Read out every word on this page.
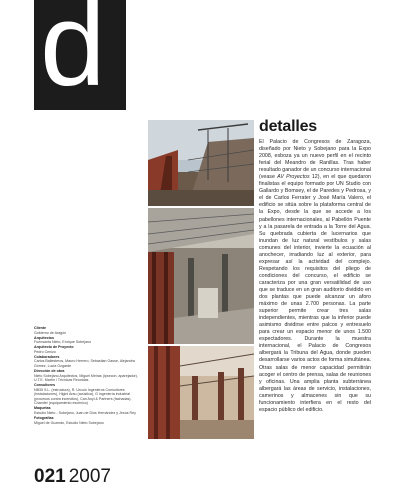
d
detalles
El Palacio de Congresos de Zaragoza, diseñado por Nieto y Sobejano para la Expo 2008, esboza ya un nuevo perfil en el recinto ferial del Meandro de Ranillas. Tras haber resultado ganador de un concurso internacional (vease AV Proyectos 12), en el que quedaron finalistas el equipo formado por UN Studio con Gallardo y Bomsey, el de Paredes y Pedrosa, y el de Carlos Ferrater y José María Valero, el edificio se sitúa sobre la plataforma central de la Expo, desde la que se accede a los pabellones internacionales, al Pabellón Puente y a la pasarela de entrada a la Torre del Agua. Su quebrada cubierta de lucernarios que inundan de luz natural vestíbulos y salas comunes del interior, invierte la ecuación al anochecer, irradiando luz al exterior, para expresar así la actividad del complejo. Respetando los requisitos del pliego de condiciones del concurso, el edificio se caracteriza por una gran versatilidad de uso que se traduce en un gran auditorio dividido en dos plantas que puede alcanzar un aforo máximo de unas 2.700 personas. La parte superior permite crear tres salas independientes, mientras que la inferior puede asimismo dividirse entre palcos y entresuelo para crear un espacio menor de unos 1.500 espectadores. Durante la muestra internacional, el Palacio de Congresos albergará la Tribuna del Agua, donde pueden desarrollarse varios actos de forma simultánea. Otras salas de menor capacidad permitirán acoger el centro de prensa, salas de reuniones y oficinas. Una amplia planta subterránea albergará las áreas de servicio, instalaciones, camerinos y almacenes sin que su funcionamiento interfiera en el resto del espacio público del edificio.
Cliente
Gobierno de Aragón
Arquitectos
Fuensanta Nieto, Enrique Sobejano
Arquitecto de Proyecto
Pedro Cenizo
Colaboradores
Carlos Ballesteros, Mauro Herrero, Sebastian Gasse, Alejandra Gómez, Lucía Ozgarde
Dirección de obra
Nieto Sobejano Arquitectos, Miguel Meiras (Ipsecon, aparejador), U.T.E. Martín / Técnicas Reunidas
Consultores
NB35 S.L. (estructura), R. Urculo Ingenieros Consultores (instalaciones), Higini Arau (acústica), G ingeniería industrial (procesos contra incendios), Can Anyi & Partners (fachadas), Chamfer (equipamiento escénico)
Maquetas
Estudio Nieto - Sobejano, Juan de Dios Hernández y Jesús Rey
Fotografías
Miguel de Guzmán, Estudio Nieto Sobejano
021 2007
